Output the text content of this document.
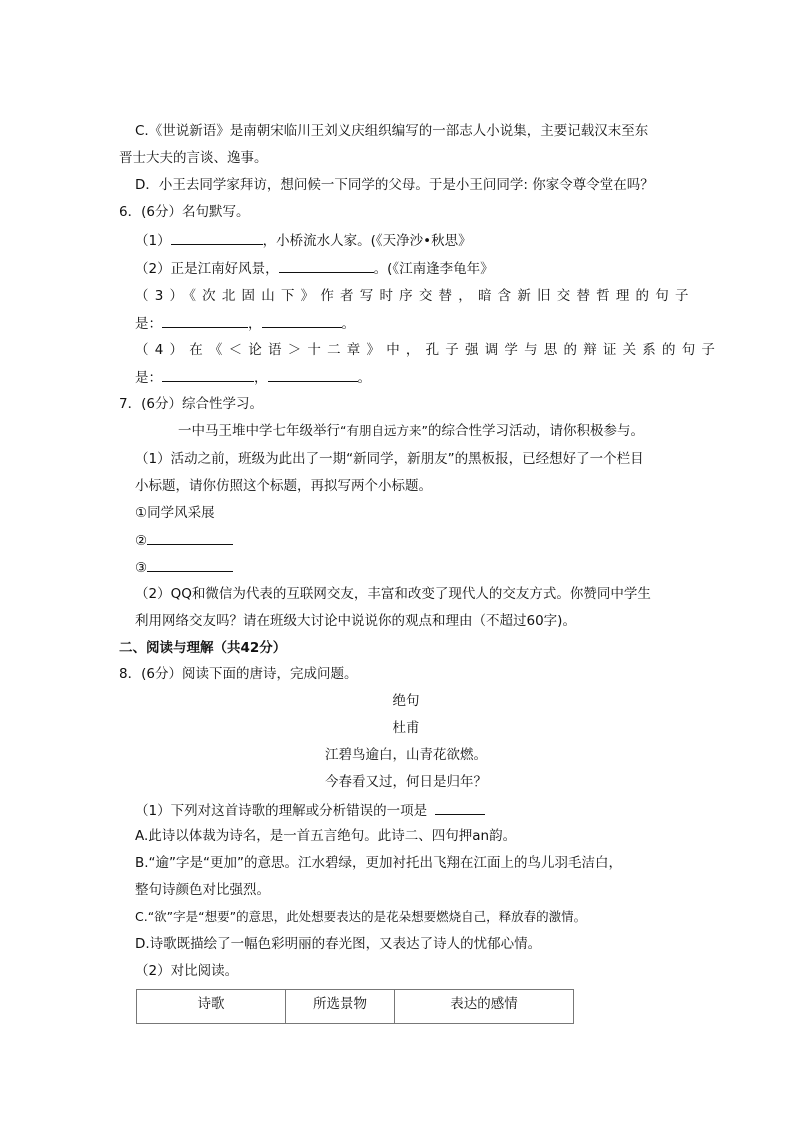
C.《世说新语》是南朝宋临川王刘义庆组织编写的一部志人小说集，主要记载汉末至东
晋士大夫的言谈、逸事。
D．小王去同学家拜访，想问候一下同学的父母。于是小王问同学: 你家令尊令堂在吗？
6．(6分）名句默写。
（1）	，小桥流水人家。(《天净沙•秋思》
（2）正是江南好风景，	。(《江南逢李龟年》
（3）《次北固山下》作者写时序交替，暗含新旧交替哲理的句子
是：	，	。
（4）在《＜论语＞十二章》中，孔子强调学与思的辩证关系的句子
是：	，	。
7．(6分）综合性学习。
一中马王堆中学七年级举行“有朋自远方来”的综合性学习活动，请你积极参与。
（1）活动之前，班级为此出了一期“新同学，新朋友”的黑板报，已经想好了一个栏目
小标题，请你仿照这个标题，再拟写两个小标题。
①同学风采展
②
③
（2）QQ和微信为代表的互联网交友，丰富和改变了现代人的交友方式。你赞同中学生
利用网络交友吗？请在班级大讨论中说说你的观点和理由（不超过60字)。
二、阅读与理解（共42分）
8．(6分）阅读下面的唐诗，完成问题。
绝句
杜甫
江碧鸟逾白，山青花欲燃。
今春看又过，何日是归年？
（1）下列对这首诗歌的理解或分析错误的一项是
A.此诗以体裁为诗名，是一首五言绝句。此诗二、四句押an韵。
B.“逾”字是“更加”的意思。江水碧绿，更加衬托出飞翔在江面上的鸟儿羽毛洁白，
整句诗颜色对比强烈。
C.“欲”字是“想要”的意思，此处想要表达的是花朵想要燃烧自己，释放春的激情。
D.诗歌既描绘了一幅色彩明丽的春光图，又表达了诗人的忧郁心情。
（2）对比阅读。
诗歌	所选景物	表达的感情
